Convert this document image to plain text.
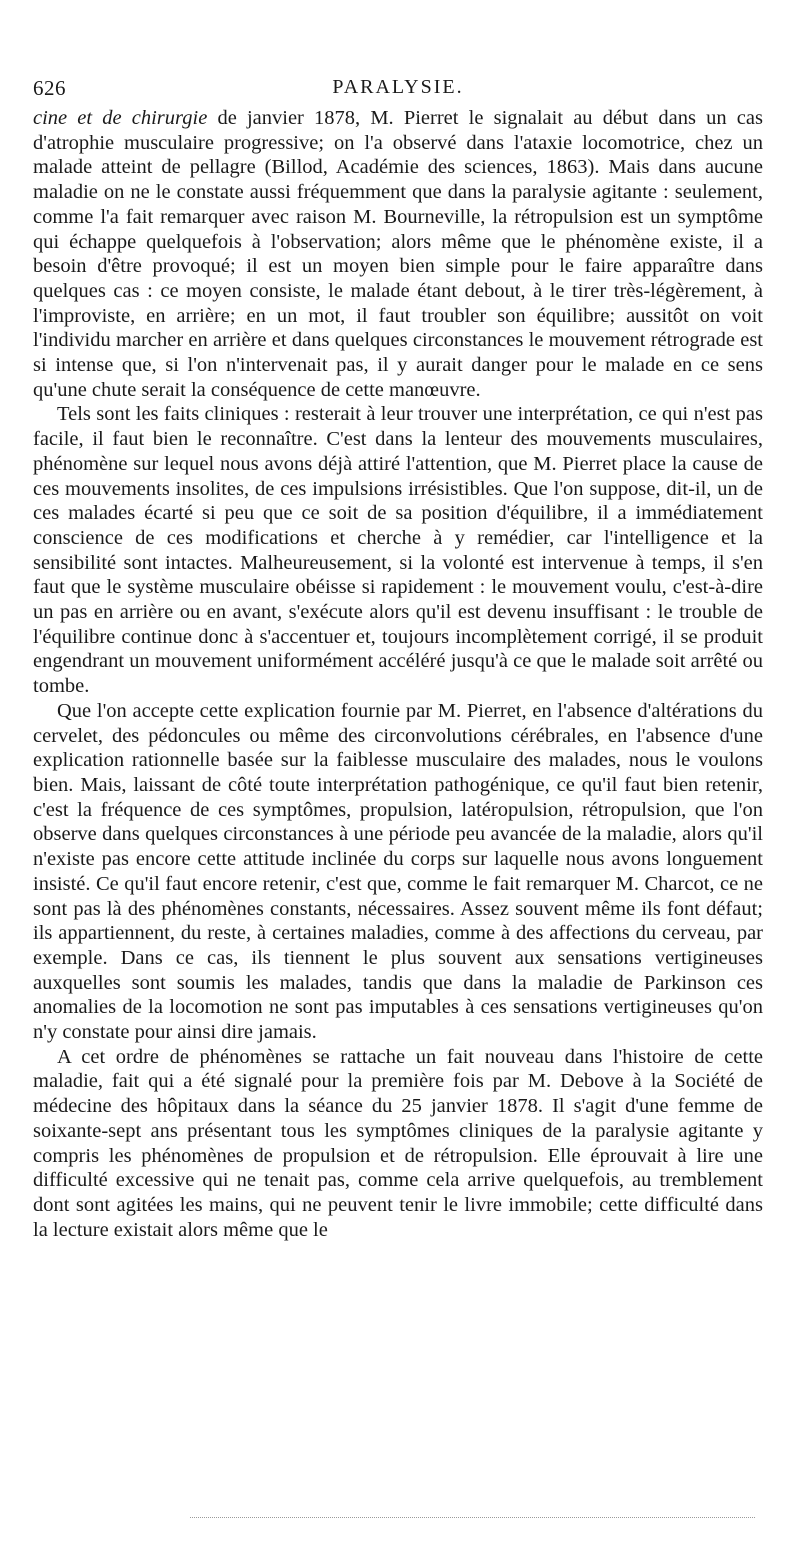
626	PARALYSIE.

cine et de chirurgie de janvier 1878, M. Pierret le signalait au début dans un cas d'atrophie musculaire progressive; on l'a observé dans l'ataxie locomotrice, chez un malade atteint de pellagre (Billod, Académie des sciences, 1863). Mais dans aucune maladie on ne le constate aussi fréquemment que dans la paralysie agitante : seulement, comme l'a fait remarquer avec raison M. Bourneville, la rétropulsion est un symptôme qui échappe quelquefois à l'observation; alors même que le phénomène existe, il a besoin d'être provoqué; il est un moyen bien simple pour le faire apparaître dans quelques cas : ce moyen consiste, le malade étant debout, à le tirer très-légèrement, à l'improviste, en arrière; en un mot, il faut troubler son équilibre; aussitôt on voit l'individu marcher en arrière et dans quelques circonstances le mouvement rétrograde est si intense que, si l'on n'intervenait pas, il y aurait danger pour le malade en ce sens qu'une chute serait la conséquence de cette manœuvre.

Tels sont les faits cliniques : resterait à leur trouver une interprétation, ce qui n'est pas facile, il faut bien le reconnaître. C'est dans la lenteur des mouvements musculaires, phénomène sur lequel nous avons déjà attiré l'attention, que M. Pierret place la cause de ces mouvements insolites, de ces impulsions irrésistibles. Que l'on suppose, dit-il, un de ces malades écarté si peu que ce soit de sa position d'équilibre, il a immédiatement conscience de ces modifications et cherche à y remédier, car l'intelligence et la sensibilité sont intactes. Malheureusement, si la volonté est intervenue à temps, il s'en faut que le système musculaire obéisse si rapidement : le mouvement voulu, c'est-à-dire un pas en arrière ou en avant, s'exécute alors qu'il est devenu insuffisant : le trouble de l'équilibre continue donc à s'accentuer et, toujours incomplètement corrigé, il se produit engendrant un mouvement uniformément accéléré jusqu'à ce que le malade soit arrêté ou tombe.

Que l'on accepte cette explication fournie par M. Pierret, en l'absence d'altérations du cervelet, des pédoncules ou même des circonvolutions cérébrales, en l'absence d'une explication rationnelle basée sur la faiblesse musculaire des malades, nous le voulons bien. Mais, laissant de côté toute interprétation pathogénique, ce qu'il faut bien retenir, c'est la fréquence de ces symptômes, propulsion, latéropulsion, rétropulsion, que l'on observe dans quelques circonstances à une période peu avancée de la maladie, alors qu'il n'existe pas encore cette attitude inclinée du corps sur laquelle nous avons longuement insisté. Ce qu'il faut encore retenir, c'est que, comme le fait remarquer M. Charcot, ce ne sont pas là des phénomènes constants, nécessaires. Assez souvent même ils font défaut; ils appartiennent, du reste, à certaines maladies, comme à des affections du cerveau, par exemple. Dans ce cas, ils tiennent le plus souvent aux sensations vertigineuses auxquelles sont soumis les malades, tandis que dans la maladie de Parkinson ces anomalies de la locomotion ne sont pas imputables à ces sensations vertigineuses qu'on n'y constate pour ainsi dire jamais.

A cet ordre de phénomènes se rattache un fait nouveau dans l'histoire de cette maladie, fait qui a été signalé pour la première fois par M. Debove à la Société de médecine des hôpitaux dans la séance du 25 janvier 1878. Il s'agit d'une femme de soixante-sept ans présentant tous les symptômes cliniques de la paralysie agitante y compris les phénomènes de propulsion et de rétropulsion. Elle éprouvait à lire une difficulté excessive qui ne tenait pas, comme cela arrive quelquefois, au tremblement dont sont agitées les mains, qui ne peuvent tenir le livre immobile; cette difficulté dans la lecture existait alors même que le
